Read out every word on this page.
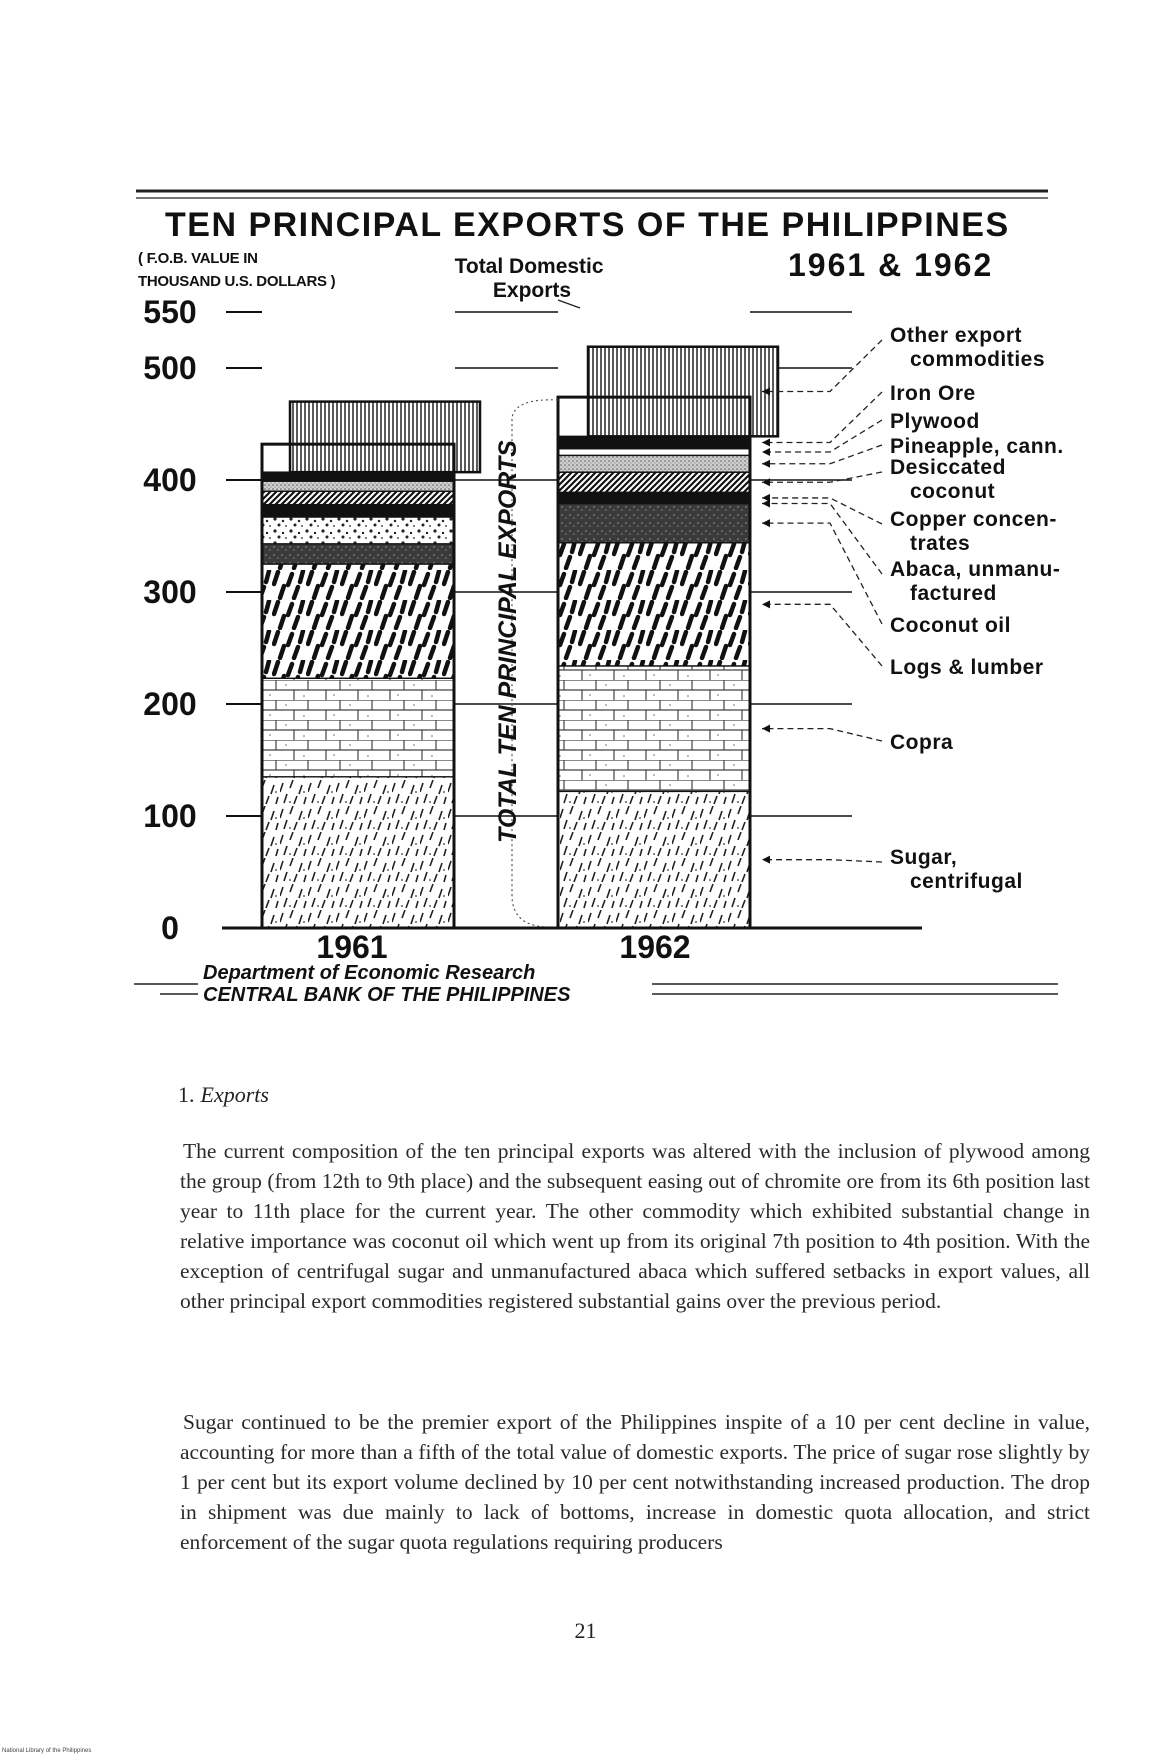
TEN PRINCIPAL EXPORTS OF THE PHILIPPINES
1961 & 1962
( F.O.B. VALUE IN THOUSAND U.S. DOLLARS )
Total Domestic Exports
0
100
200
300
400
500
550
TOTAL TEN PRINCIPAL EXPORTS
1961	1962
Sugar, centrifugal
Copra
Logs & lumber
Coconut oil
Abaca, unmanu-factured
Copper concen-trates
Desiccated coconut
Pineapple, cann.
Plywood
Iron Ore
Other export commodities
Department of Economic Research
CENTRAL BANK OF THE PHILIPPINES
1. Exports

The current composition of the ten principal exports was altered with the inclusion of plywood among the group (from 12th to 9th place) and the subsequent easing out of chromite ore from its 6th position last year to 11th place for the current year. The other commodity which exhibited substantial change in relative importance was coconut oil which went up from its original 7th position to 4th position. With the exception of centrifugal sugar and unmanufactured abaca which suffered setbacks in export values, all other principal export commodities registered substantial gains over the previous period.

Sugar continued to be the premier export of the Philippines inspite of a 10 per cent decline in value, accounting for more than a fifth of the total value of domestic exports. The price of sugar rose slightly by 1 per cent but its export volume declined by 10 per cent notwithstanding increased production. The drop in shipment was due mainly to lack of bottoms, increase in domestic quota allocation, and strict enforcement of the sugar quota regulations requiring producers

21
National Library of the Philippines
